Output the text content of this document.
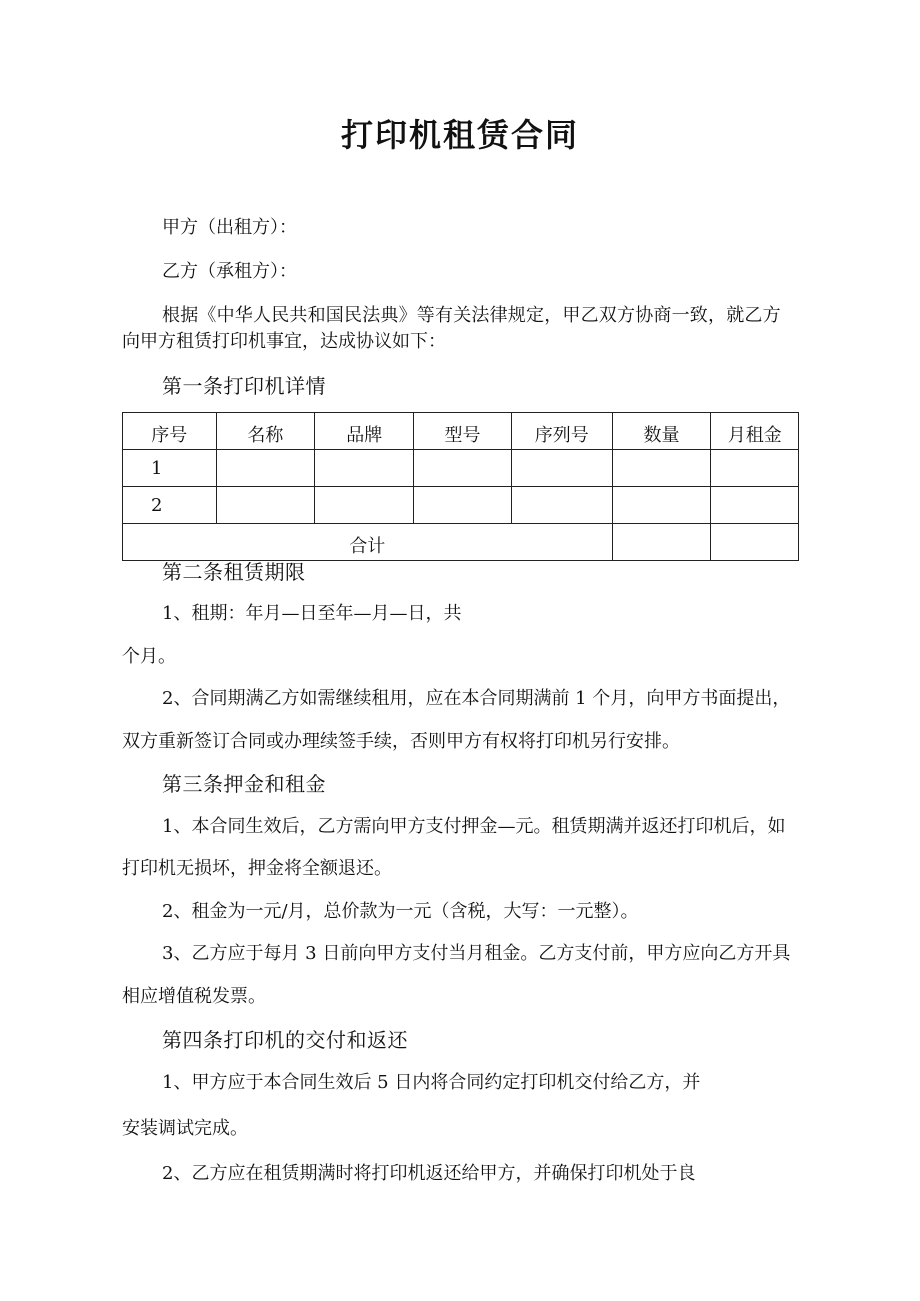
打印机租赁合同
甲方（出租方）：
乙方（承租方）：
根据《中华人民共和国民法典》等有关法律规定，甲乙双方协商一致，就乙方
向甲方租赁打印机事宜，达成协议如下：
第一条打印机详情
序号	名称	品牌	型号	序列号	数量	月租金
1						
2						
合计						
第二条租赁期限
1、租期：年月—日至年—月—日，共
个月。
2、合同期满乙方如需继续租用，应在本合同期满前 1 个月，向甲方书面提出，
双方重新签订合同或办理续签手续，否则甲方有权将打印机另行安排。
第三条押金和租金
1、本合同生效后，乙方需向甲方支付押金—元。租赁期满并返还打印机后，如
打印机无损坏，押金将全额退还。
2、租金为一元/月，总价款为一元（含税，大写：一元整）。
3、乙方应于每月 3 日前向甲方支付当月租金。乙方支付前，甲方应向乙方开具
相应增值税发票。
第四条打印机的交付和返还
1、甲方应于本合同生效后 5 日内将合同约定打印机交付给乙方，并
安装调试完成。
2、乙方应在租赁期满时将打印机返还给甲方，并确保打印机处于良
